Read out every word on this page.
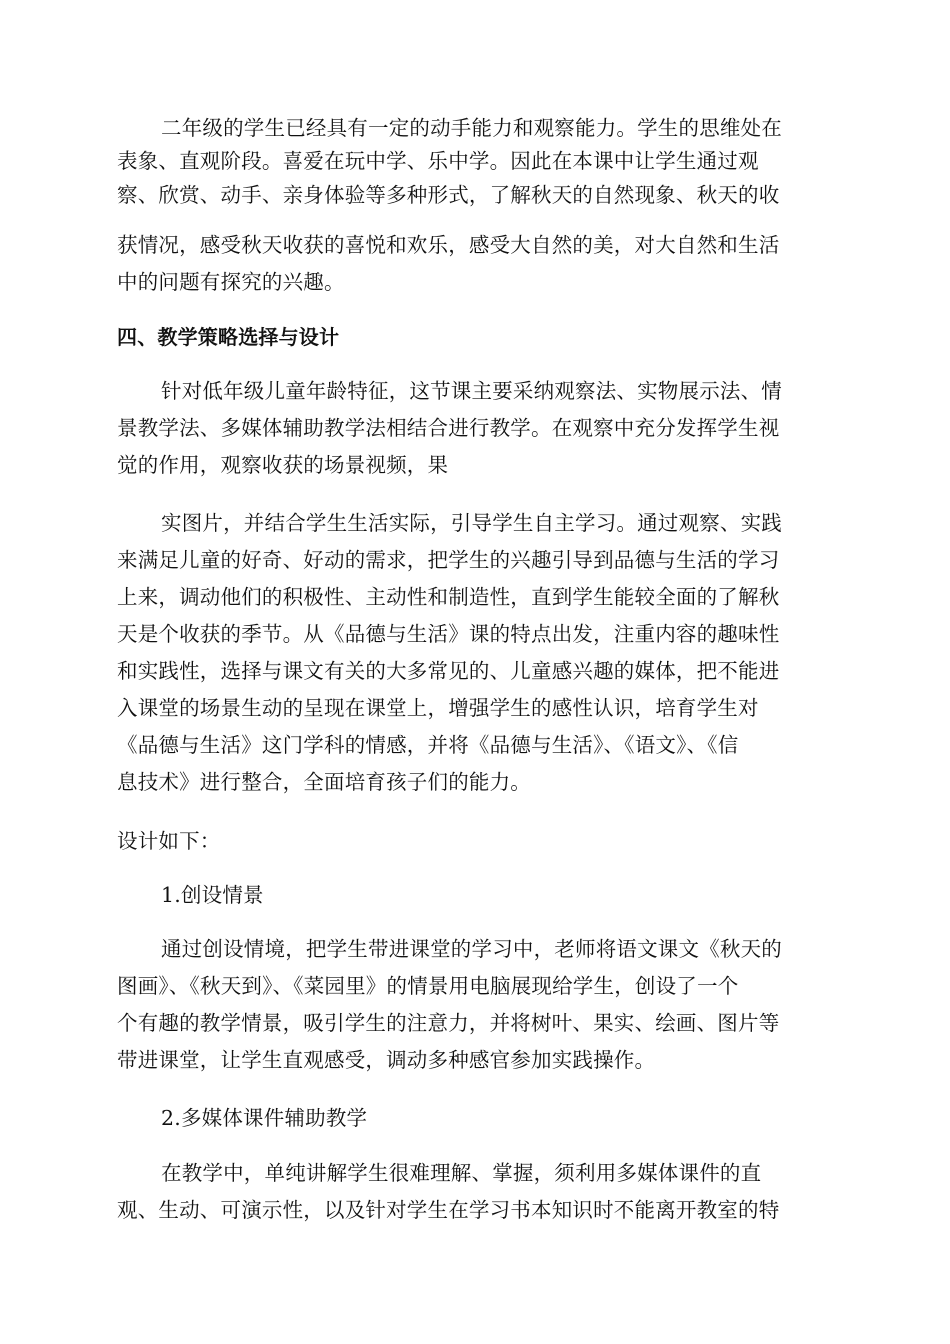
二年级的学生已经具有一定的动手能力和观察能力。学生的思维处在
表象、直观阶段。喜爱在玩中学、乐中学。因此在本课中让学生通过观
察、欣赏、动手、亲身体验等多种形式，了解秋天的自然现象、秋天的收
获情况，感受秋天收获的喜悦和欢乐，感受大自然的美，对大自然和生活
中的问题有探究的兴趣。
四、教学策略选择与设计
针对低年级儿童年龄特征，这节课主要采纳观察法、实物展示法、情
景教学法、多媒体辅助教学法相结合进行教学。在观察中充分发挥学生视
觉的作用，观察收获的场景视频，果
实图片，并结合学生生活实际，引导学生自主学习。通过观察、实践
来满足儿童的好奇、好动的需求，把学生的兴趣引导到品德与生活的学习
上来，调动他们的积极性、主动性和制造性，直到学生能较全面的了解秋
天是个收获的季节。从《品德与生活》课的特点出发，注重内容的趣味性
和实践性，选择与课文有关的大多常见的、儿童感兴趣的媒体，把不能进
入课堂的场景生动的呈现在课堂上，增强学生的感性认识，培育学生对
《品德与生活》这门学科的情感，并将《品德与生活》、《语文》、《信
息技术》进行整合，全面培育孩子们的能力。
设计如下：
1.创设情景
通过创设情境，把学生带进课堂的学习中，老师将语文课文《秋天的
图画》、《秋天到》、《菜园里》的情景用电脑展现给学生，创设了一个
个有趣的教学情景，吸引学生的注意力，并将树叶、果实、绘画、图片等
带进课堂，让学生直观感受，调动多种感官参加实践操作。
2.多媒体课件辅助教学
在教学中，单纯讲解学生很难理解、掌握，须利用多媒体课件的直
观、生动、可演示性，以及针对学生在学习书本知识时不能离开教室的特
